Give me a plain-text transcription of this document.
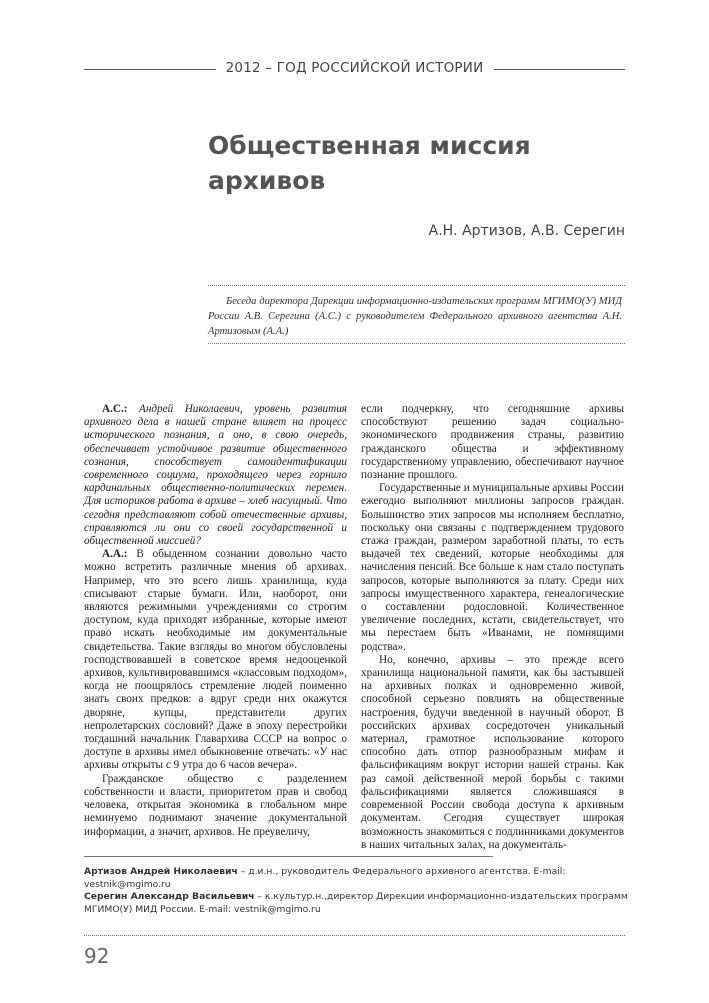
2012 – ГОД РОССИЙСКОЙ ИСТОРИИ
Общественная миссия
архивов
А.Н. Артизов, А.В. Серегин
Беседа директора Дирекции информационно-издательских программ МГИМО(У) МИД России А.В. Серегина (А.С.) с руководителем Федерального архивного агентства А.Н. Артизовым (А.А.)

А.С.: Андрей Николаевич, уровень развития архивного дела в нашей стране влияет на процесс исторического познания, а оно, в свою очередь, обеспечивает устойчивое развитие общественного сознания, способствует самоидентификации современного социума, проходящего через горнило кардинальных общественно-политических перемен. Для историков работа в архиве – хлеб насущный. Что сегодня представляют собой отечественные архивы, справляются ли они со своей государственной и общественной миссией?

А.А.: В обыденном сознании довольно часто можно встретить различные мнения об архивах. Например, что это всего лишь хранилища, куда списывают старые бумаги. Или, наоборот, они являются режимными учреждениями со строгим доступом, куда приходят избранные, которые имеют право искать необходимые им документальные свидетельства. Такие взгляды во многом обусловлены господствовавшей в советское время недооценкой архивов, культивировавшимся «классовым подходом», когда не поощрялось стремление людей поименно знать своих предков: а вдруг среди них окажутся дворяне, купцы, представители других непролетарских сословий? Даже в эпоху перестройки тогдашний начальник Главархива СССР на вопрос о доступе в архивы имел обыкновение отвечать: «У нас архивы открыты с 9 утра до 6 часов вечера».

Гражданское общество с разделением собственности и власти, приоритетом прав и свобод человека, открытая экономика в глобальном мире неминуемо поднимают значение документальной информации, а значит, архивов. Не преувеличу,

если подчеркну, что сегодняшние архивы способствуют решению задач социально-экономического продвижения страны, развитию гражданского общества и эффективному государственному управлению, обеспечивают научное познание прошлого.

Государственные и муниципальные архивы России ежегодно выполняют миллионы запросов граждан. Большинство этих запросов мы исполняем бесплатно, поскольку они связаны с подтверждением трудового стажа граждан, размером заработной платы, то есть выдачей тех сведений, которые необходимы для начисления пенсий. Все больше к нам стало поступать запросов, которые выполняются за плату. Среди них запросы имущественного характера, генеалогические о составлении родословной. Количественное увеличение последних, кстати, свидетельствует, что мы перестаем быть «Иванами, не помнящими родства».

Но, конечно, архивы – это прежде всего хранилища национальной памяти, как бы застывшей на архивных полках и одновременно живой, способной серьезно повлиять на общественные настроения, будучи введенной в научный оборот. В российских архивах сосредоточен уникальный материал, грамотное использование которого способно дать отпор разнообразным мифам и фальсификациям вокруг истории нашей страны. Как раз самой действенной мерой борьбы с такими фальсификациями является сложившаяся в современной России свобода доступа к архивным документам. Сегодня существует широкая возможность знакомиться с подлинниками документов в наших читальных залах, на документаль-

Артизов Андрей Николаевич – д.и.н., руководитель Федерального архивного агентства. E-mail: vestnik@mgimo.ru

Серегин Александр Васильевич – к.культур.н.,директор Дирекции информационно-издательских программ МГИМО(У) МИД России. E-mail: vestnik@mgimo.ru

92
